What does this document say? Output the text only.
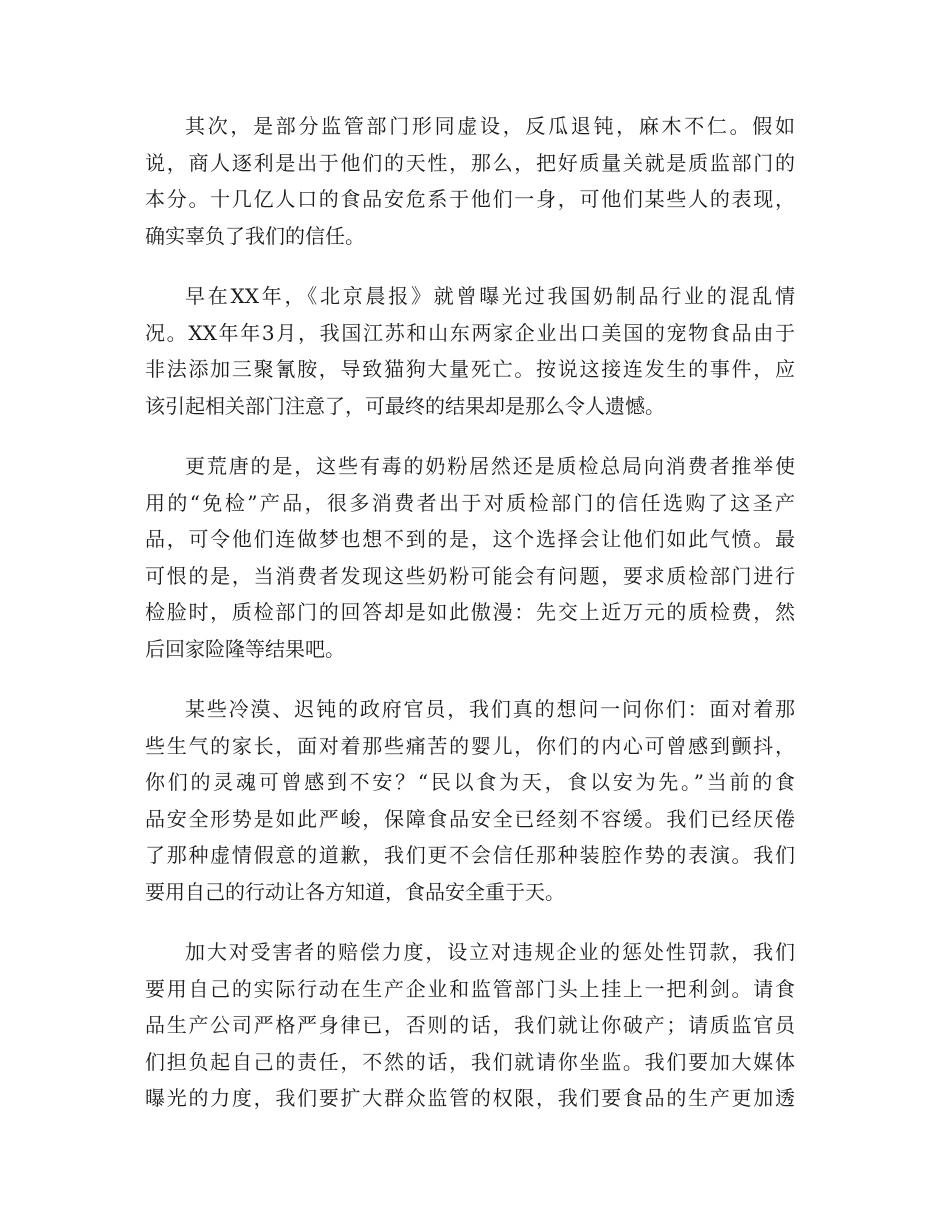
其次，是部分监管部门形同虚设，反瓜退钝，麻木不仁。假如
说，商人逐利是出于他们的天性，那么，把好质量关就是质监部门的
本分。十几亿人口的食品安危系于他们一身，可他们某些人的表现，
确实辜负了我们的信任。
早在XX年，《北京晨报》就曾曝光过我国奶制品行业的混乱情
况。XX年年3月，我国江苏和山东两家企业出口美国的宠物食品由于
非法添加三聚氰胺，导致猫狗大量死亡。按说这接连发生的事件，应
该引起相关部门注意了，可最终的结果却是那么令人遗憾。
更荒唐的是，这些有毒的奶粉居然还是质检总局向消费者推举使
用的“免检”产品，很多消费者出于对质检部门的信任选购了这圣产
品，可令他们连做梦也想不到的是，这个选择会让他们如此气愤。最
可恨的是，当消费者发现这些奶粉可能会有问题，要求质检部门进行
检脸时，质检部门的回答却是如此傲漫：先交上近万元的质检费，然
后回家险隆等结果吧。
某些冷漠、迟钝的政府官员，我们真的想问一问你们：面对着那
些生气的家长，面对着那些痛苦的婴儿，你们的内心可曾感到颤抖，
你们的灵魂可曾感到不安？“民以食为天，食以安为先。”当前的食
品安全形势是如此严峻，保障食品安全已经刻不容缓。我们已经厌倦
了那种虚情假意的道歉，我们更不会信任那种装腔作势的表演。我们
要用自己的行动让各方知道，食品安全重于天。
加大对受害者的赔偿力度，设立对违规企业的惩处性罚款，我们
要用自己的实际行动在生产企业和监管部门头上挂上一把利剑。请食
品生产公司严格严身律已，否则的话，我们就让你破产；请质监官员
们担负起自己的责任，不然的话，我们就请你坐监。我们要加大媒体
曝光的力度，我们要扩大群众监管的权限，我们要食品的生产更加透
